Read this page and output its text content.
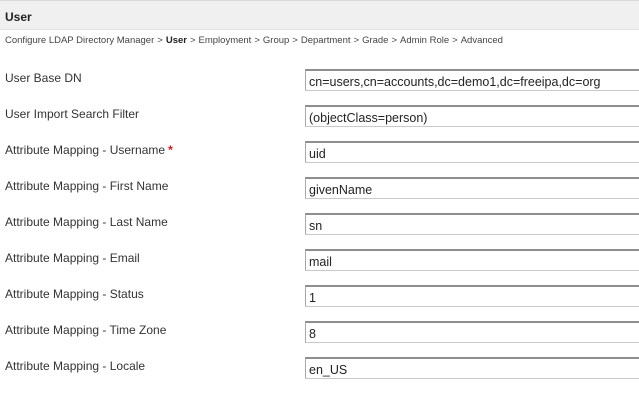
User
Configure LDAP Directory Manager > User > Employment > Group > Department > Grade > Admin Role > Advanced
User Base DN
cn=users,cn=accounts,dc=demo1,dc=freeipa,dc=org
User Import Search Filter
(objectClass=person)
Attribute Mapping - Username *
uid
Attribute Mapping - First Name
givenName
Attribute Mapping - Last Name
sn
Attribute Mapping - Email
mail
Attribute Mapping - Status
1
Attribute Mapping - Time Zone
8
Attribute Mapping - Locale
en_US
